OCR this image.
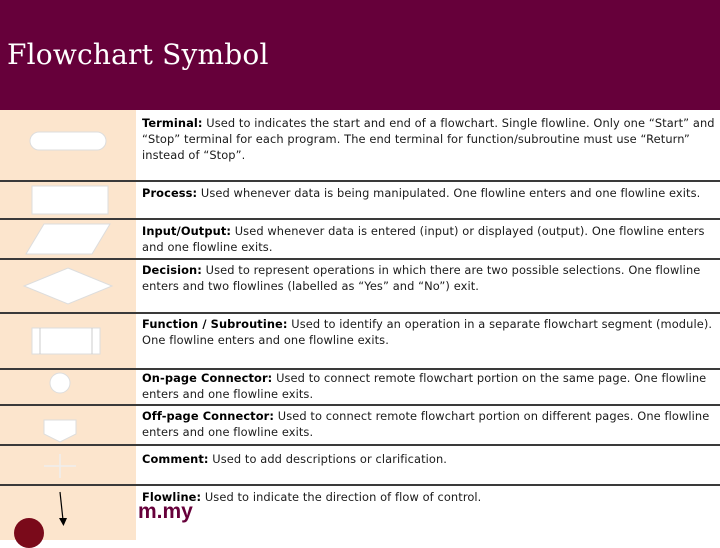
Flowchart Symbol
Terminal: Used to indicates the start and end of a flowchart. Single flowline. Only one “Start” and “Stop” terminal for each program. The end terminal for function/subroutine must use “Return” instead of “Stop”.
Process: Used whenever data is being manipulated. One flowline enters and one flowline exits.
Input/Output: Used whenever data is entered (input) or displayed (output). One flowline enters and one flowline exits.
Decision: Used to represent operations in which there are two possible selections. One flowline enters and two flowlines (labelled as “Yes” and “No”) exit.
Function / Subroutine: Used to identify an operation in a separate flowchart segment (module). One flowline enters and one flowline exits.
On-page Connector: Used to connect remote flowchart portion on the same page. One flowline enters and one flowline exits.
Off-page Connector: Used to connect remote flowchart portion on different pages. One flowline enters and one flowline exits.
Comment: Used to add descriptions or clarification.
Flowline: Used to indicate the direction of flow of control.
m.my
